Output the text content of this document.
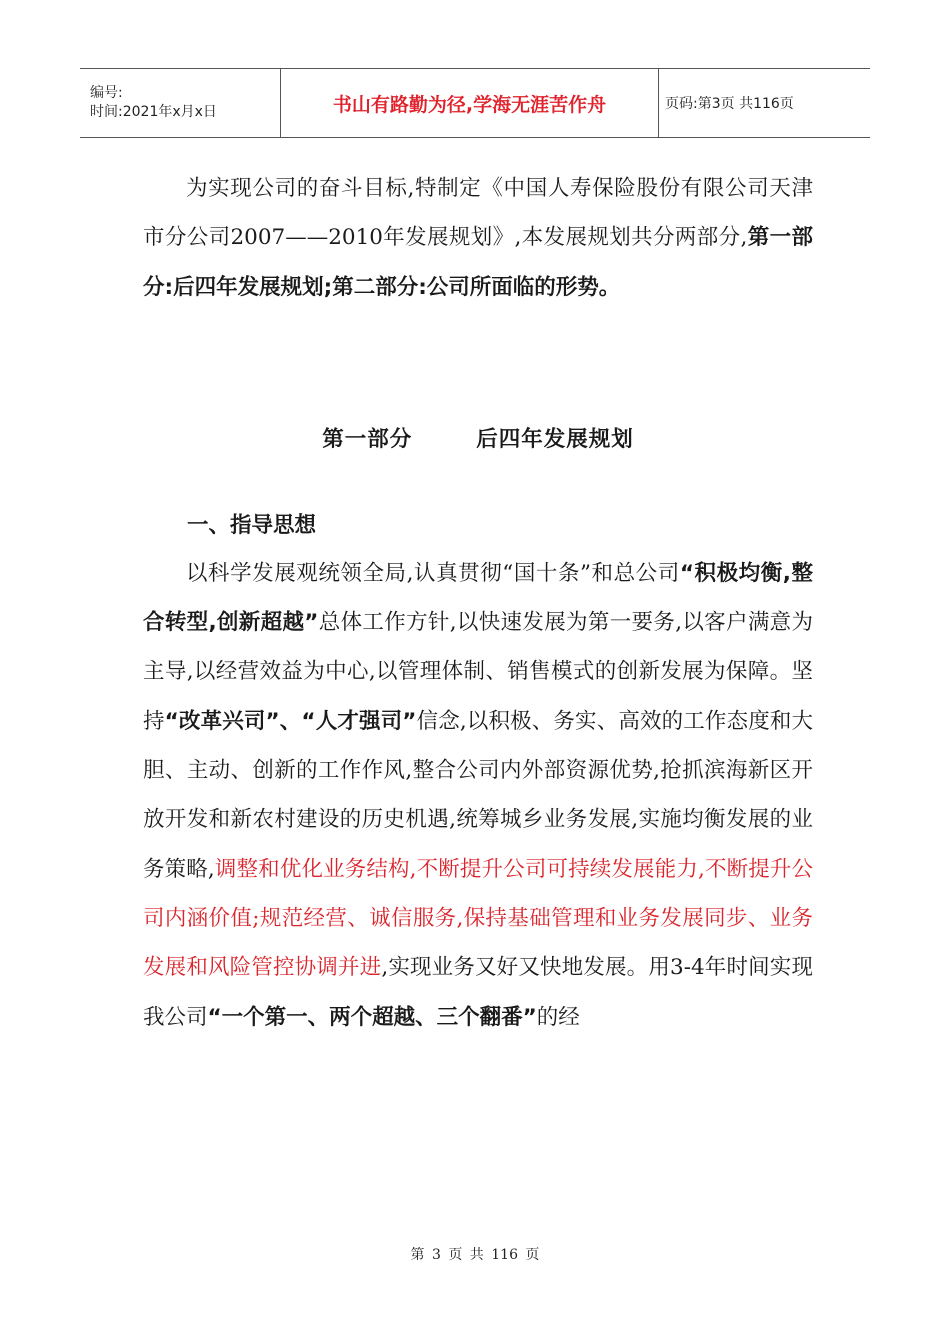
编号:
时间:2021年x月x日	书山有路勤为径,学海无涯苦作舟	页码:第3页 共116页

为实现公司的奋斗目标,特制定《中国人寿保险股份有限公司天津市分公司2007——2010年发展规划》,本发展规划共分两部分,第一部分:后四年发展规划;第二部分:公司所面临的形势。

第一部分	后四年发展规划
一、指导思想

以科学发展观统领全局,认真贯彻“国十条”和总公司“积极均衡,整合转型,创新超越”总体工作方针,以快速发展为第一要务,以客户满意为主导,以经营效益为中心,以管理体制、销售模式的创新发展为保障。坚持“改革兴司”、“人才强司”信念,以积极、务实、高效的工作态度和大胆、主动、创新的工作作风,整合公司内外部资源优势,抢抓滨海新区开放开发和新农村建设的历史机遇,统筹城乡业务发展,实施均衡发展的业务策略,调整和优化业务结构,不断提升公司可持续发展能力,不断提升公司内涵价值;规范经营、诚信服务,保持基础管理和业务发展同步、业务发展和风险管控协调并进,实现业务又好又快地发展。用3-4年时间实现我公司“一个第一、两个超越、三个翻番”的经

第 3 页 共 116 页
